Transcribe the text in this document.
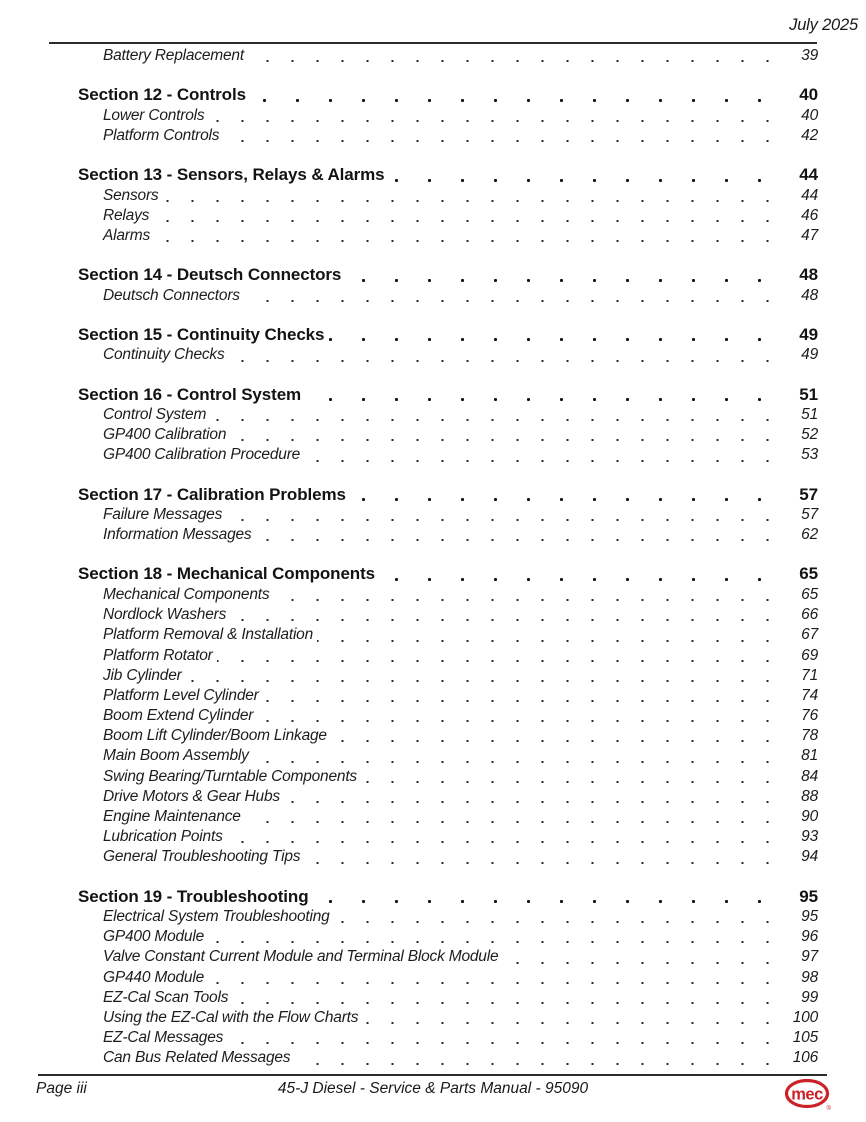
July 2025
Battery Replacement	39
Section 12 - Controls	40
Lower Controls	40
Platform Controls	42
Section 13 - Sensors, Relays & Alarms	44
Sensors	44
Relays	46
Alarms	47
Section 14 - Deutsch Connectors	48
Deutsch Connectors	48
Section 15 - Continuity Checks	49
Continuity Checks	49
Section 16 - Control System	51
Control System	51
GP400 Calibration	52
GP400 Calibration Procedure	53
Section 17 - Calibration Problems	57
Failure Messages	57
Information Messages	62
Section 18 - Mechanical Components	65
Mechanical Components	65
Nordlock Washers	66
Platform Removal & Installation	67
Platform Rotator	69
Jib Cylinder	71
Platform Level Cylinder	74
Boom Extend Cylinder	76
Boom Lift Cylinder/Boom Linkage	78
Main Boom Assembly	81
Swing Bearing/Turntable Components	84
Drive Motors & Gear Hubs	88
Engine Maintenance	90
Lubrication Points	93
General Troubleshooting Tips	94
Section 19 - Troubleshooting	95
Electrical System Troubleshooting	95
GP400 Module	96
Valve Constant Current Module and Terminal Block Module	97
GP440 Module	98
EZ-Cal Scan Tools	99
Using the EZ-Cal with the Flow Charts	100
EZ-Cal Messages	105
Can Bus Related Messages	106
Page iii	45-J Diesel - Service & Parts Manual - 95090	mec
®
